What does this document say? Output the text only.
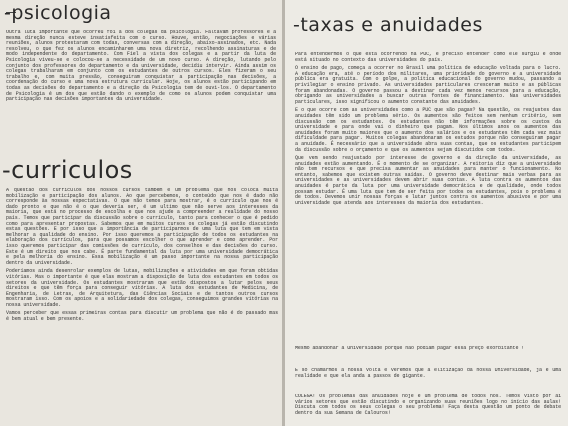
-psicologia

Outra luta importante que ocorreu foi a dos colegas da psicologia. Faltavam professores e a mesma direção nunca esteve insatisfeita com o curso. Houve, então, negociações e várias reuniões, alunos protestaram com todas, conversas com a direção, abaixo-assinados, etc. Nada resolveu, o que fez os alunos encaminharem uma nova diretriz, recolhendo assinaturas e de modo independente do departamento. Com Fiel a vista dos colegas e a partir da luta de Psicologia viveu-se e colocou-se a necessidade de um novo curso. A direção, lutando pelo conjunto dos professores do departamento e da universidade, decidiu intervir. Ainda assim os colegas trabalharam em conjunto com os estudantes de outros cursos. Eles fizeram o seu trabalho e, com muita pressão, conseguiram conquistar a participação nas decisões, a coordenação do curso e uma nova estrutura curricular. Hoje, os alunos estão participando em todas as decisões do departamento e a direção da Psicologia tem de ouvi-los. O departamento de Psicologia é um dos que estão dando o exemplo de como os alunos podem conquistar uma participação nas decisões importantes da universidade.

-curriculos

A questão dos currículos dos nossos cursos também é um problema que nos coloca muita mobilização e participação dos alunos. Ao que percebemos, o conteúdo que nos é dado não corresponde às nossas expectativas. O que não temos para mostrar, é o currículo que nos é dado pronto e que não é o que deveria ser, é um ultimo que não serve aos interesses da maioria, que está no processo de escolha e que nos ajude a compreender a realidade do nosso país. Temos que participar da discussão sobre o currículo, tanto para conhecer o que é pedido como para apresentar propostas. Sabemos que em muitos cursos os colegas já estão discutindo estas questões. E por isso que a importância de participarmos de uma luta que tem em vista melhorar a qualidade do ensino. Por isso queremos a participação de todos os estudantes na elaboração dos currículos, para que possamos escolher o que aprender e como aprender. Por isso queremos participar das comissões de currículo, dos conselhos e das decisões do curso. Este é um direito que nos cabe. É parte fundamental da luta por uma universidade democrática e pela melhoria do ensino. Essa mobilização é um passo importante na nossa participação dentro da universidade.

Poderíamos ainda desenrolar exemplos de lutas, mobilizações e atividades em que foram obtidas vitórias. Mas o importante é que elas mostram a disposição de luta dos estudantes em todos os setores da universidade. Os estudantes mostraram que estão dispostos a lutar pelos seus direitos e que têm força para conseguir vitórias. A luta dos estudantes de Medicina, de Engenharia, de Letras, de Arquitetura, das Ciências Sociais e de tantos outros cursos mostraram isso. Com os apoios e a solidariedade dos colegas, conseguimos grandes vitórias na nossa universidade.

Vamos perceber que essas primeiras contas para discutir um problema que não é do passado mas é bem atual e bem presente.

-taxas e anuidades

Para entendermos o que está ocorrendo na PUC, é preciso entender como ele surgiu e onde está situado no contexto das universidades do país.

O ensino de pago, começa a ocorrer no Brasil uma política de educação voltada para o lucro. A educação era, até o período dos militares, uma prioridade do governo e a universidade pública era gratuita. Com o golpe, a política educacional do governo mudou, passando a privilegiar o ensino privado. As universidades particulares cresceram muito e as públicas foram abandonadas. O governo passou a destinar cada vez menos recursos para a educação, obrigando as universidades a buscar outras fontes de financiamento. Nas universidades particulares, isso significou o aumento constante das anuidades.

E o que ocorre com as universidades como a PUC que são pagas? Na questão, os reajustes das anuidades têm sido um problema sério. Os aumentos são feitos sem nenhum critério, sem discussão com os estudantes. Os estudantes não têm informações sobre os custos da universidade e para onde vai o dinheiro que pagam. Nos últimos anos os aumentos das anuidades foram muito maiores que o aumento dos salários e os estudantes têm cada vez mais dificuldade para pagar. Muitos colegas abandonaram os estudos porque não conseguiram pagar a anuidade. É necessário que a universidade abra suas contas, que os estudantes participem da discussão sobre o orçamento e que os aumentos sejam discutidos com todos.

Que vem sendo reajustado por interesse de governo e da direção da universidade, as anuidades estão aumentando. É o momento de se organizar. A reitoria diz que a universidade não tem recursos e que precisa aumentar as anuidades para manter o funcionamento. No entanto, sabemos que existem outras saídas. O governo deve destinar mais verbas para as universidades e as universidades devem abrir suas contas. A luta contra os aumentos das anuidades é parte da luta por uma universidade democrática e de qualidade, onde todos possam estudar. É uma luta que tem de ser feita por todos os estudantes, pois o problema é de todos. Devemos unir nossas forças e lutar juntos contra os aumentos abusivos e por uma universidade que atenda aos interesses da maioria dos estudantes.

Mesmo abandonar a Universidade porque não podiam pagar essa preço exorbitante !

É só chamarmos a nossa volta e veremos que a elitização da nossa Universidade, já é uma realidade e que ela anda a passos de gigante.

COLEGA! Os problemas das anuidades hoje é um problema de todos nós. Temos visto por aí vários setores que estão discutindo e organizando suas reuniões logo no início das aulas! Discuta com todos os seus colegas o seu problema! Faça desta questão um ponto de debate dentro da sua Semana de Calouros!
